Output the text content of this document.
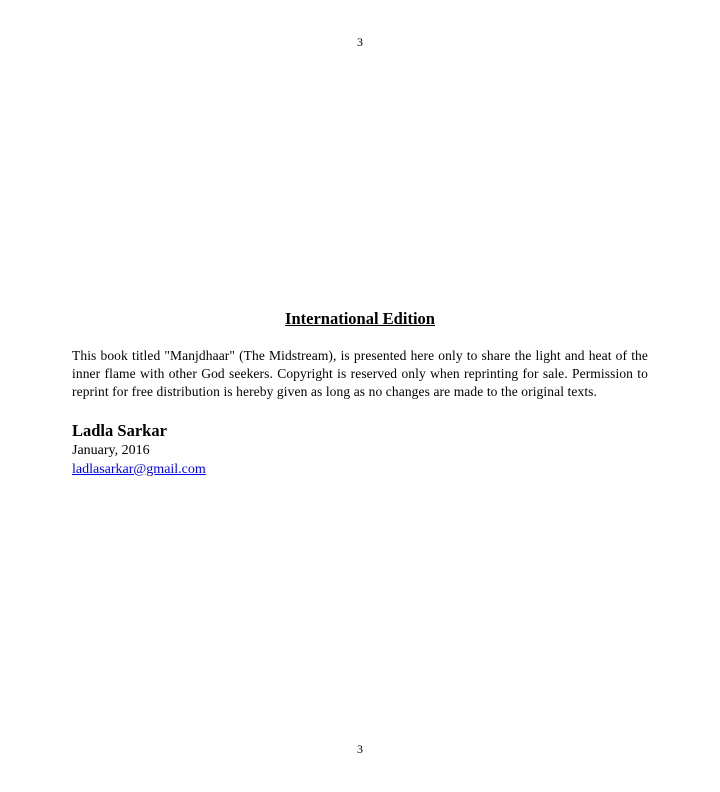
3
International Edition

This book titled "Manjdhaar" (The Midstream), is presented here only to share the light and heat of the inner flame with other God seekers. Copyright is reserved only when reprinting for sale. Permission to reprint for free distribution is hereby given as long as no changes are made to the original texts.

Ladla Sarkar
January, 2016
ladlasarkar@gmail.com
3
